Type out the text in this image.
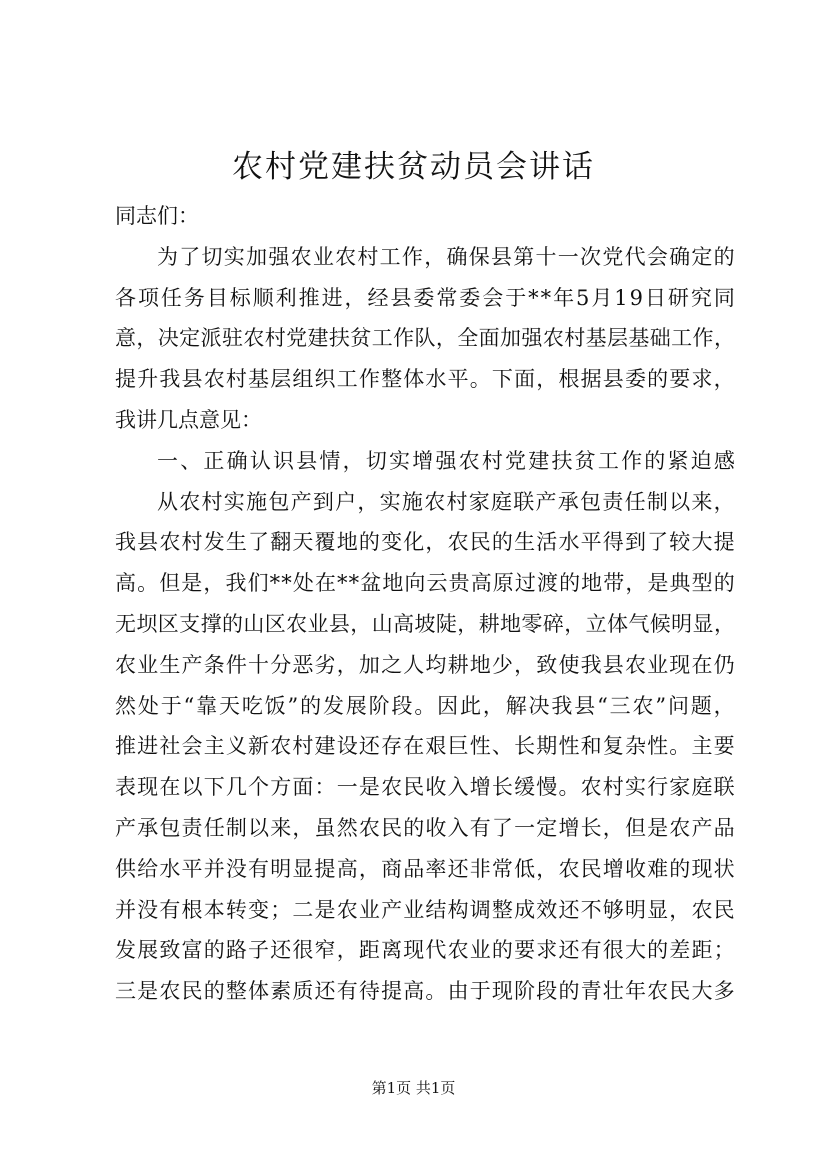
农村党建扶贫动员会讲话
同志们：
为 了 切 实 加 强 农 业 农 村 工 作 ， 确 保 县 第 十 一 次 党 代 会 确 定 的
各 项 任 务 目 标 顺 利 推 进 ， 经 县 委 常 委 会 于 * * 年 5 月 1 9 日 研 究 同
意 ， 决 定 派 驻 农 村 党 建 扶 贫 工 作 队 ， 全 面 加 强 农 村 基 层 基 础 工 作 ，
提 升 我 县 农 村 基 层 组 织 工 作 整 体 水 平 。 下 面 ， 根 据 县 委 的 要 求 ，
我讲几点意见：
一 、 正 确 认 识 县 情 ， 切 实 增 强 农 村 党 建 扶 贫 工 作 的 紧 迫 感
从 农 村 实 施 包 产 到 户 ， 实 施 农 村 家 庭 联 产 承 包 责 任 制 以 来 ，
我 县 农 村 发 生 了 翻 天 覆 地 的 变 化 ， 农 民 的 生 活 水 平 得 到 了 较 大 提
高 。 但 是 ， 我 们 * * 处 在 * * 盆 地 向 云 贵 高 原 过 渡 的 地 带 ， 是 典 型 的
无 坝 区 支 撑 的 山 区 农 业 县 ， 山 高 坡 陡 ， 耕 地 零 碎 ， 立 体 气 候 明 显 ，
农 业 生 产 条 件 十 分 恶 劣 ， 加 之 人 均 耕 地 少 ， 致 使 我 县 农 业 现 在 仍
然 处 于 “ 靠 天 吃 饭 ” 的 发 展 阶 段 。 因 此 ， 解 决 我 县 “ 三 农 ” 问 题 ，
推 进 社 会 主 义 新 农 村 建 设 还 存 在 艰 巨 性 、 长 期 性 和 复 杂 性 。 主 要
表 现 在 以 下 几 个 方 面 ： 一 是 农 民 收 入 增 长 缓 慢 。 农 村 实 行 家 庭 联
产 承 包 责 任 制 以 来 ， 虽 然 农 民 的 收 入 有 了 一 定 增 长 ， 但 是 农 产 品
供 给 水 平 并 没 有 明 显 提 高 ， 商 品 率 还 非 常 低 ， 农 民 增 收 难 的 现 状
并 没 有 根 本 转 变 ； 二 是 农 业 产 业 结 构 调 整 成 效 还 不 够 明 显 ， 农 民
发 展 致 富 的 路 子 还 很 窄 ， 距 离 现 代 农 业 的 要 求 还 有 很 大 的 差 距 ；
三 是 农 民 的 整 体 素 质 还 有 待 提 高 。 由 于 现 阶 段 的 青 壮 年 农 民 大 多
第1页 共1页
